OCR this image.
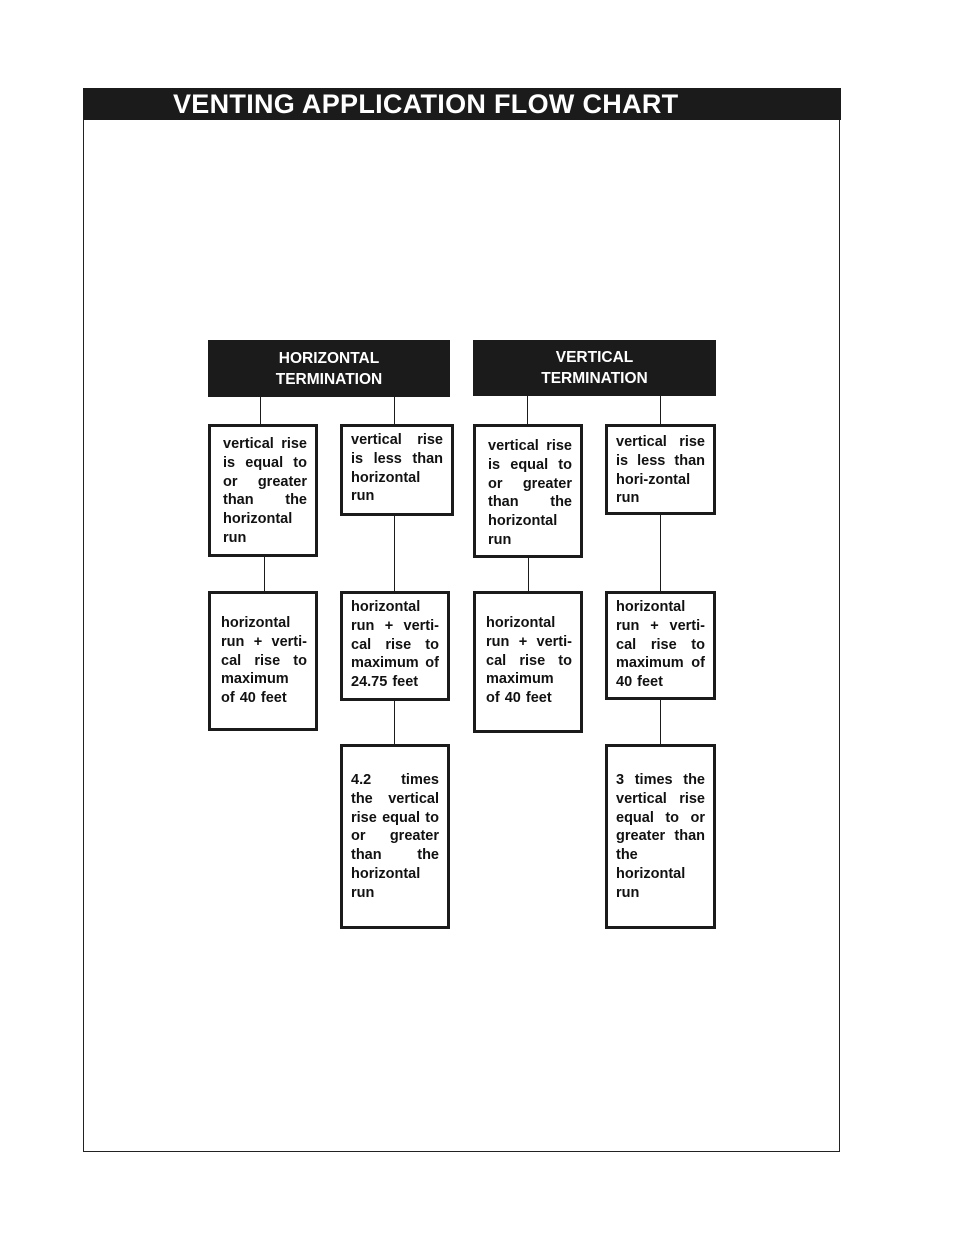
VENTING APPLICATION FLOW CHART
HORIZONTAL
TERMINATION
VERTICAL
TERMINATION
vertical rise is equal to or greater than the horizontal run
horizontal run + verti-cal rise to maximum of 40 feet
vertical rise is less than horizontal run
horizontal run + verti-cal rise to maximum of 24.75 feet
4.2 times the vertical rise equal to or greater than the horizontal run
vertical rise is equal to or greater than the horizontal run
horizontal run + verti-cal rise to maximum of 40 feet
vertical rise is less than hori-zontal run
horizontal run + verti-cal rise to maximum of 40 feet
3 times the vertical rise equal to or greater than the horizontal run
